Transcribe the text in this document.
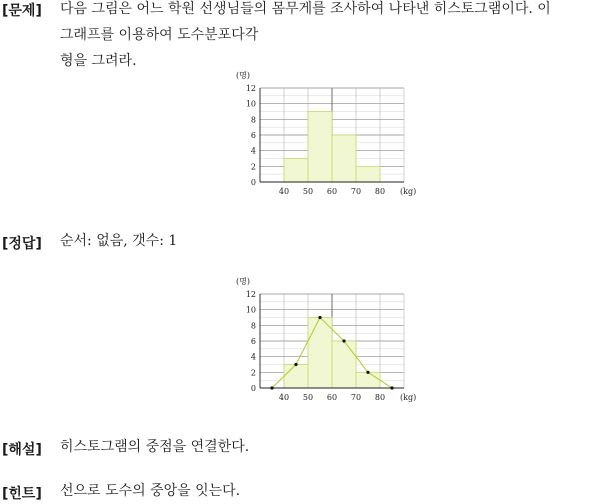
[문제] 다음 그림은 어느 학원 선생님들의 몸무게를 조사하여 나타낸 히스토그램이다. 이
그래프를 이용하여 도수분포다각
형을 그려라.
(명)
0
2
4
6
8
10
12
40 50 60 70 80 (kg)
[정답] 순서: 없음, 갯수: 1
(명)
0
2
4
6
8
10
12
40 50 60 70 80 (kg)
[해설] 히스토그램의 중점을 연결한다.
[힌트] 선으로 도수의 중앙을 잇는다.
